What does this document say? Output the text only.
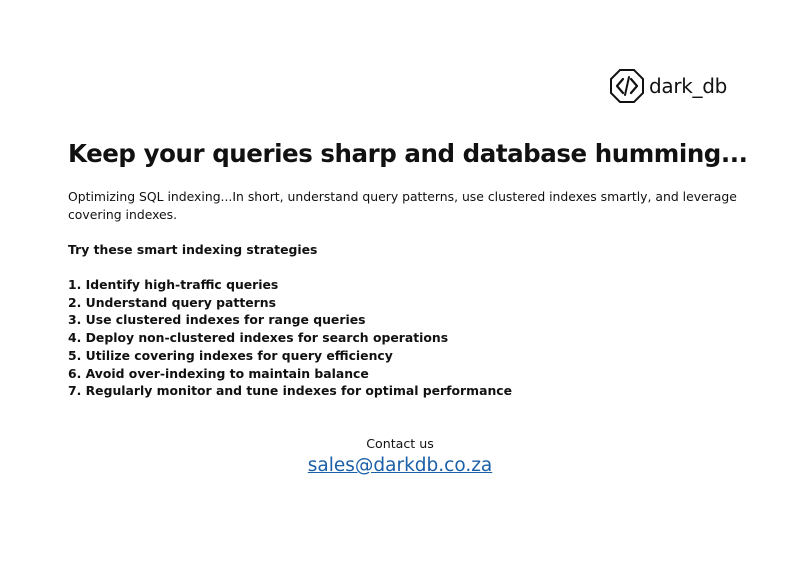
dark_db
Keep your queries sharp and database humming...

Optimizing SQL indexing...In short, understand query patterns, use clustered indexes smartly, and leverage covering indexes.

Try these smart indexing strategies

1. Identify high-traffic queries
2. Understand query patterns
3. Use clustered indexes for range queries
4. Deploy non-clustered indexes for search operations
5. Utilize covering indexes for query efficiency
6. Avoid over-indexing to maintain balance
7. Regularly monitor and tune indexes for optimal performance
Contact us
sales@darkdb.co.za
